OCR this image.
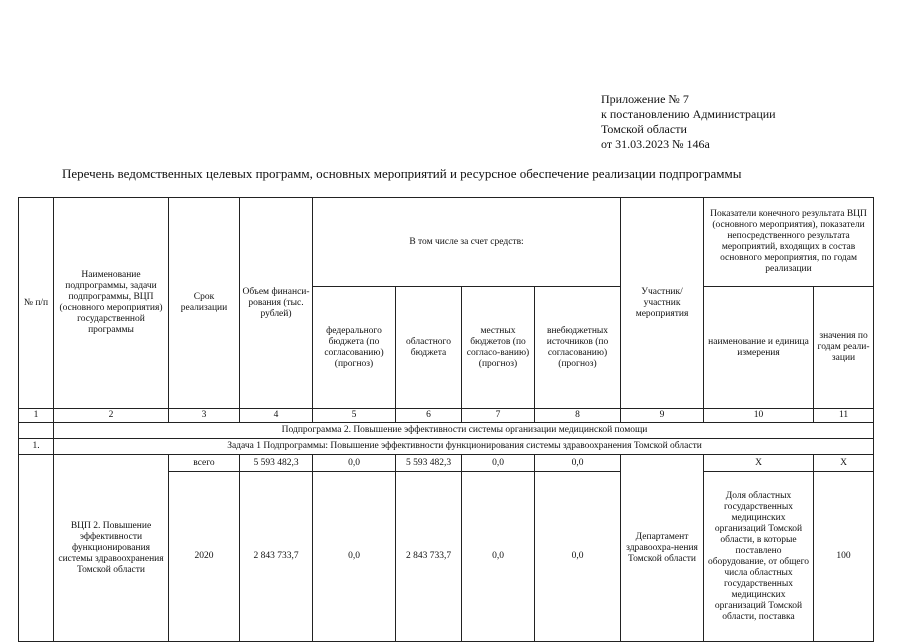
Приложение № 7
к постановлению Администрации
Томской области
от 31.03.2023 № 146а
Перечень ведомственных целевых программ, основных мероприятий и ресурсное обеспечение реализации подпрограммы
№ п/п	Наименование подпрограммы, задачи подпрограммы, ВЦП (основного мероприятия) государственной программы	Срок реализации	Объем финанси-рования (тыс. рублей)	В том числе за счет средств:				Участник/ участник мероприятия	Показатели конечного результата ВЦП (основного мероприятия), показатели непосредственного результата мероприятий, входящих в состав основного мероприятия, по годам реализации	
				федерального бюджета (по согласованию) (прогноз)	областного бюджета	местных бюджетов (по согласо-ванию) (прогноз)	внебюджетных источников (по согласованию) (прогноз)		наименование и единица измерения	значения по годам реали-зации
1	2	3	4	5	6	7	8	9	10	11
	Подпрограмма 2. Повышение эффективности системы организации медицинской помощи									
1.	Задача 1 Подпрограммы: Повышение эффективности функционирования системы здравоохранения Томской области									
	ВЦП 2. Повышение эффективности функционирования системы здравоохранения Томской области	всего	5 593 482,3	0,0	5 593 482,3	0,0	0,0	Департамент здравоохра-нения Томской области	X	X
		2020	2 843 733,7	0,0	2 843 733,7	0,0	0,0		Доля областных государственных медицинских организаций Томской области, в которые поставлено оборудование, от общего числа областных государственных медицинских организаций Томской области, поставка	100
